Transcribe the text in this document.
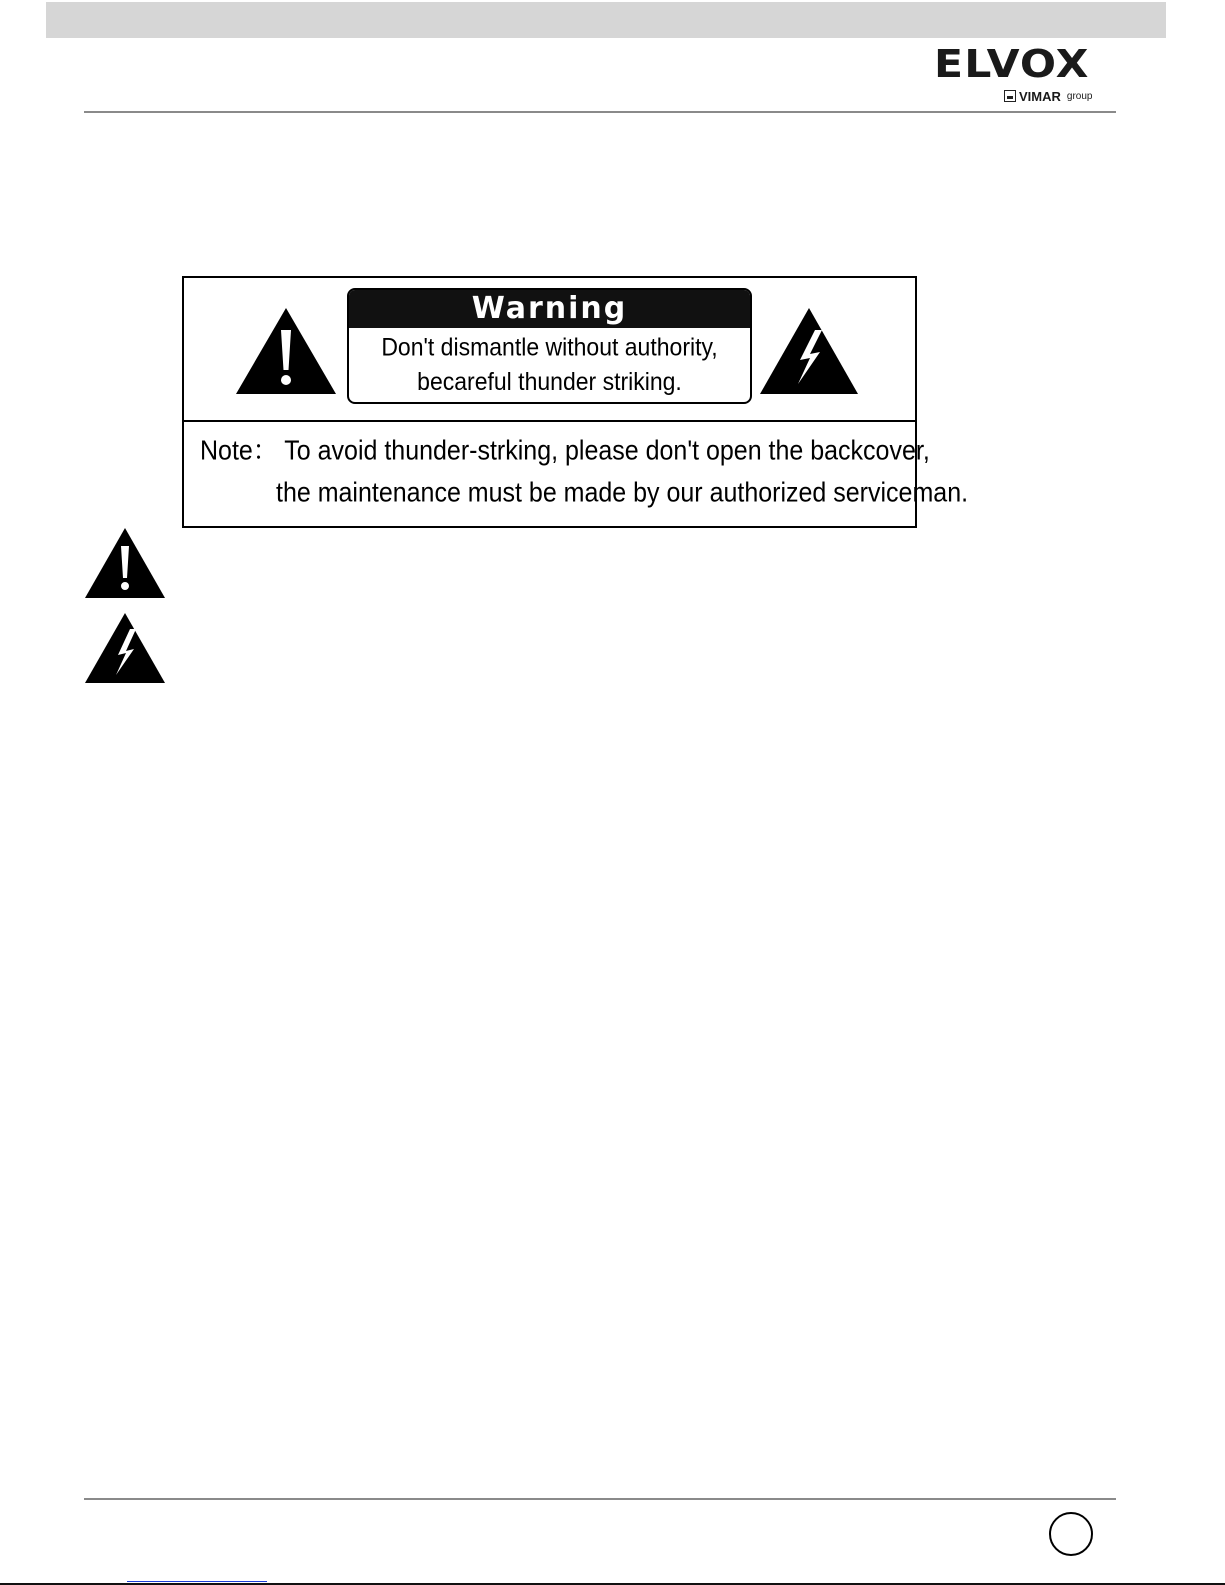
ELVOX
VIMAR group
Warning
Don't dismantle without authority,
becareful thunder striking.
Note： To avoid thunder-strking, please don't open the backcover,
the maintenance must be made by our authorized serviceman.
